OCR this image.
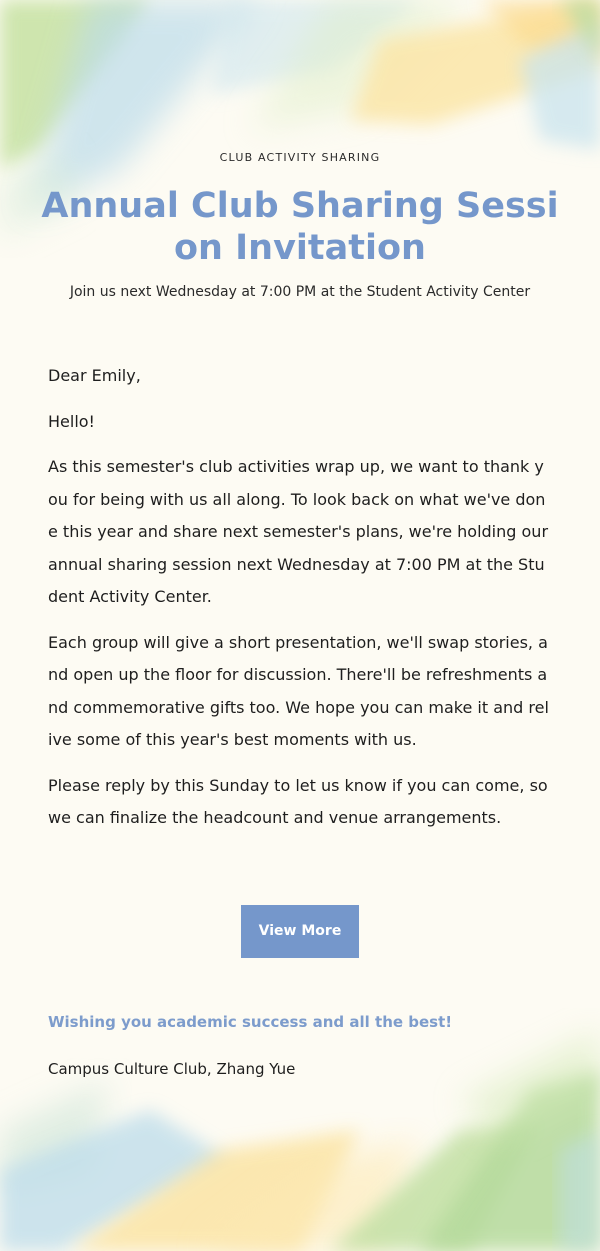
CLUB ACTIVITY SHARING
Annual Club Sharing Session Invitation
Join us next Wednesday at 7:00 PM at the Student Activity Center

Dear Emily,

Hello!

As this semester's club activities wrap up, we want to thank you for being with us all along. To look back on what we've done this year and share next semester's plans, we're holding our annual sharing session next Wednesday at 7:00 PM at the Student Activity Center.

Each group will give a short presentation, we'll swap stories, and open up the floor for discussion. There'll be refreshments and commemorative gifts too. We hope you can make it and relive some of this year's best moments with us.

Please reply by this Sunday to let us know if you can come, so we can finalize the headcount and venue arrangements.

View More
Wishing you academic success and all the best!
Campus Culture Club, Zhang Yue
